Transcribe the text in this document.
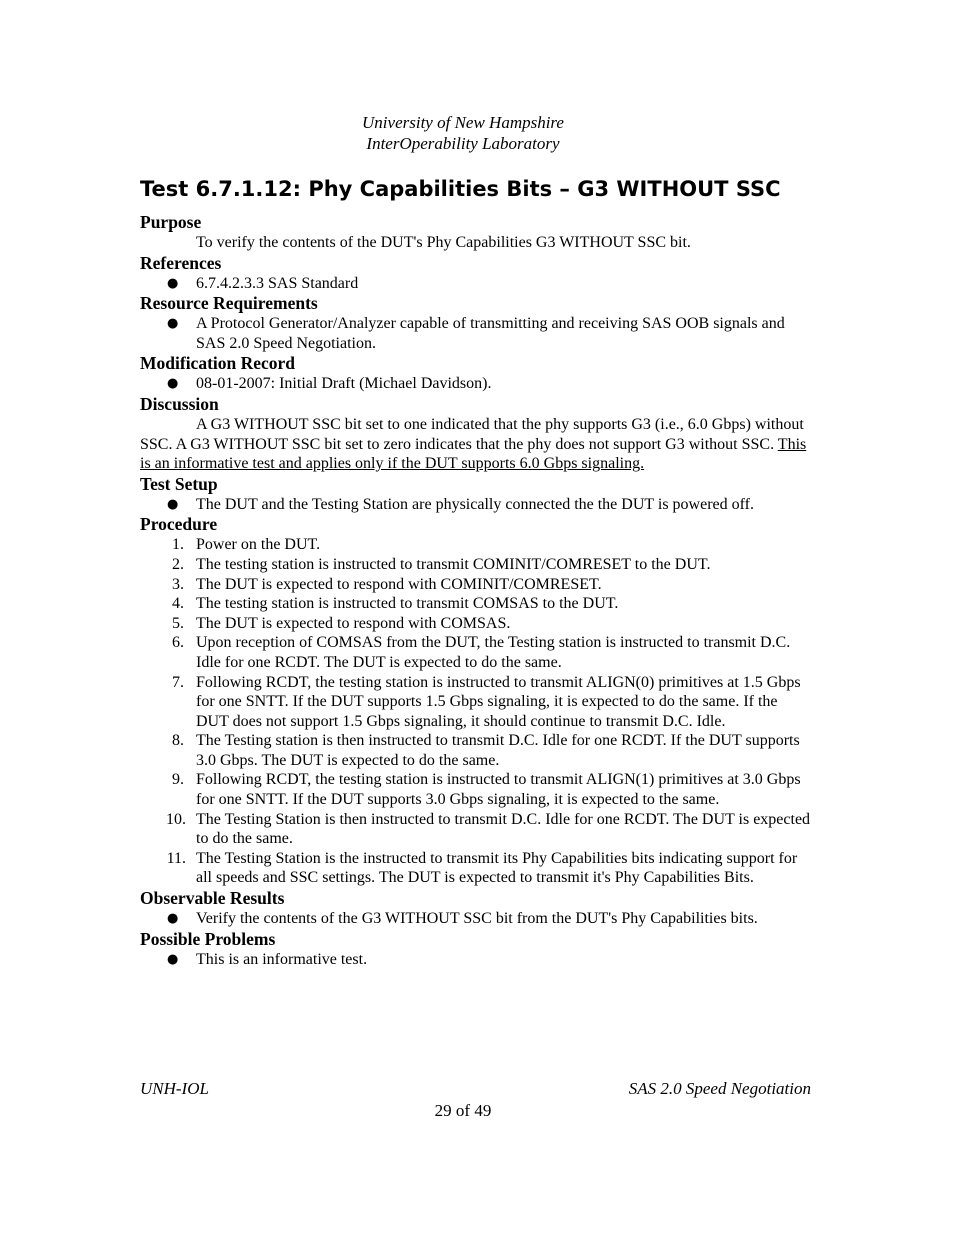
University of New Hampshire
InterOperability Laboratory
Test 6.7.1.12: Phy Capabilities Bits – G3 WITHOUT SSC
Purpose
To verify the contents of the DUT's Phy Capabilities G3 WITHOUT SSC bit.
References
● 6.7.4.2.3.3 SAS Standard
Resource Requirements
● A Protocol Generator/Analyzer capable of transmitting and receiving SAS OOB signals and SAS 2.0 Speed Negotiation.
Modification Record
● 08-01-2007: Initial Draft (Michael Davidson).
Discussion
A G3 WITHOUT SSC bit set to one indicated that the phy supports G3 (i.e., 6.0 Gbps) without SSC. A G3 WITHOUT SSC bit set to zero indicates that the phy does not support G3 without SSC. This is an informative test and applies only if the DUT supports 6.0 Gbps signaling.
Test Setup
● The DUT and the Testing Station are physically connected the the DUT is powered off.
Procedure
1. Power on the DUT.
2. The testing station is instructed to transmit COMINIT/COMRESET to the DUT.
3. The DUT is expected to respond with COMINIT/COMRESET.
4. The testing station is instructed to transmit COMSAS to the DUT.
5. The DUT is expected to respond with COMSAS.
6. Upon reception of COMSAS from the DUT, the Testing station is instructed to transmit D.C. Idle for one RCDT. The DUT is expected to do the same.
7. Following RCDT, the testing station is instructed to transmit ALIGN(0) primitives at 1.5 Gbps for one SNTT. If the DUT supports 1.5 Gbps signaling, it is expected to do the same. If the DUT does not support 1.5 Gbps signaling, it should continue to transmit D.C. Idle.
8. The Testing station is then instructed to transmit D.C. Idle for one RCDT. If the DUT supports 3.0 Gbps. The DUT is expected to do the same.
9. Following RCDT, the testing station is instructed to transmit ALIGN(1) primitives at 3.0 Gbps for one SNTT. If the DUT supports 3.0 Gbps signaling, it is expected to the same.
10. The Testing Station is then instructed to transmit D.C. Idle for one RCDT. The DUT is expected to do the same.
11. The Testing Station is the instructed to transmit its Phy Capabilities bits indicating support for all speeds and SSC settings. The DUT is expected to transmit it's Phy Capabilities Bits.
Observable Results
● Verify the contents of the G3 WITHOUT SSC bit from the DUT's Phy Capabilities bits.
Possible Problems
● This is an informative test.
UNH-IOL	SAS 2.0 Speed Negotiation
29 of 49
